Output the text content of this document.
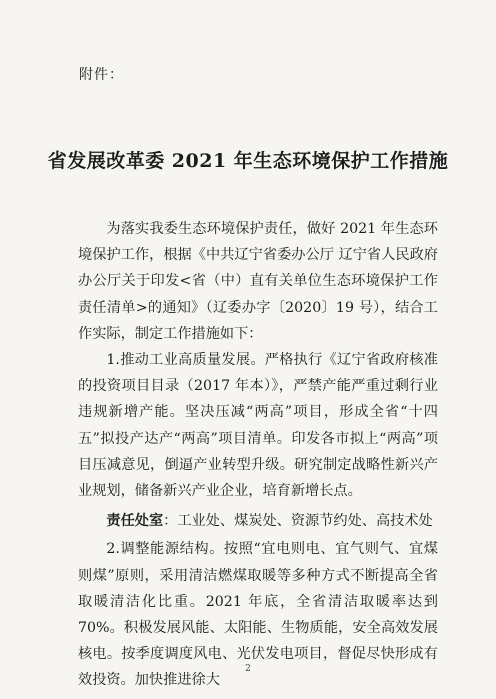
附件：
省发展改革委 2021 年生态环境保护工作措施

为落实我委生态环境保护责任，做好 2021 年生态环境保护工作，根据《中共辽宁省委办公厅 辽宁省人民政府办公厅关于印发<省（中）直有关单位生态环境保护工作责任清单>的通知》（辽委办字〔2020〕19 号），结合工作实际，制定工作措施如下：

1.推动工业高质量发展。严格执行《辽宁省政府核准的投资项目目录（2017 年本）》，严禁产能严重过剩行业违规新增产能。坚决压减“两高”项目，形成全省“十四五”拟投产达产“两高”项目清单。印发各市拟上“两高”项目压减意见，倒逼产业转型升级。研究制定战略性新兴产业规划，储备新兴产业企业，培育新增长点。

责任处室：工业处、煤炭处、资源节约处、高技术处

2.调整能源结构。按照“宜电则电、宜气则气、宜煤则煤”原则，采用清洁燃煤取暖等多种方式不断提高全省取暖清洁化比重。2021 年底，全省清洁取暖率达到 70%。积极发展风能、太阳能、生物质能，安全高效发展核电。按季度调度风电、光伏发电项目，督促尽快形成有效投资。加快推进徐大

2
